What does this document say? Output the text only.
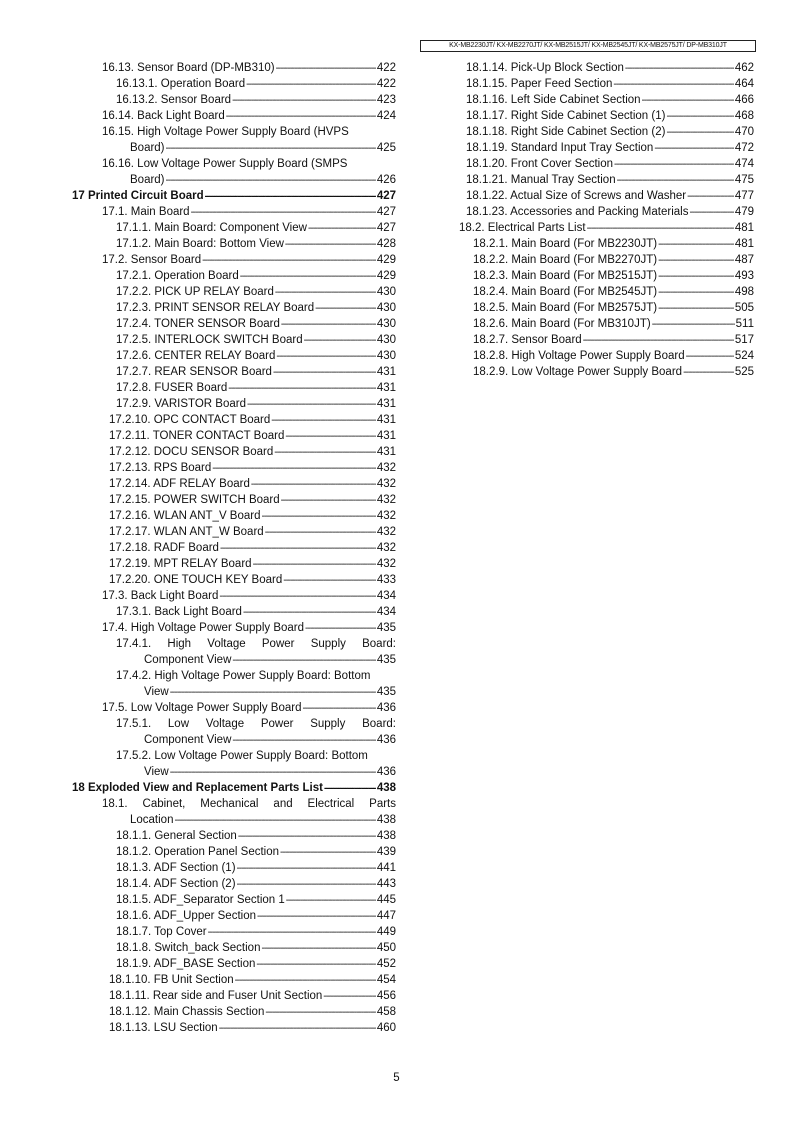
KX-MB2230JT/ KX-MB2270JT/ KX-MB2515JT/ KX-MB2545JT/ KX-MB2575JT/ DP-MB310JT
16.13. Sensor Board (DP-MB310) -----	422
16.13.1. Operation Board -----	422
16.13.2. Sensor Board -----	423
16.14. Back Light Board -----	424
16.15. High Voltage Power Supply Board (HVPS
Board) -----	425
16.16. Low Voltage Power Supply Board (SMPS
Board) -----	426
17 Printed Circuit Board -----	427
17.1. Main Board -----	427
17.1.1. Main Board: Component View -----	427
17.1.2. Main Board: Bottom View -----	428
17.2. Sensor Board -----	429
17.2.1. Operation Board -----	429
17.2.2. PICK UP RELAY Board -----	430
17.2.3. PRINT SENSOR RELAY Board -----	430
17.2.4. TONER SENSOR Board -----	430
17.2.5. INTERLOCK SWITCH Board -----	430
17.2.6. CENTER RELAY Board -----	430
17.2.7. REAR SENSOR Board -----	431
17.2.8. FUSER Board -----	431
17.2.9. VARISTOR Board -----	431
17.2.10. OPC CONTACT Board -----	431
17.2.11. TONER CONTACT Board -----	431
17.2.12. DOCU SENSOR Board -----	431
17.2.13. RPS Board -----	432
17.2.14. ADF RELAY Board -----	432
17.2.15. POWER SWITCH Board -----	432
17.2.16. WLAN ANT_V Board -----	432
17.2.17. WLAN ANT_W Board -----	432
17.2.18. RADF Board -----	432
17.2.19. MPT RELAY Board -----	432
17.2.20. ONE TOUCH KEY Board -----	433
17.3. Back Light Board -----	434
17.3.1. Back Light Board -----	434
17.4. High Voltage Power Supply Board -----	435
17.4.1. High Voltage Power Supply Board:
Component View -----	435
17.4.2. High Voltage Power Supply Board: Bottom
View -----	435
17.5. Low Voltage Power Supply Board -----	436
17.5.1. Low Voltage Power Supply Board:
Component View -----	436
17.5.2. Low Voltage Power Supply Board: Bottom
View -----	436
18 Exploded View and Replacement Parts List -----	438
18.1. Cabinet, Mechanical and Electrical Parts
Location -----	438
18.1.1. General Section -----	438
18.1.2. Operation Panel Section -----	439
18.1.3. ADF Section (1) -----	441
18.1.4. ADF Section (2) -----	443
18.1.5. ADF_Separator Section 1 -----	445
18.1.6. ADF_Upper Section -----	447
18.1.7. Top Cover -----	449
18.1.8. Switch_back Section -----	450
18.1.9. ADF_BASE Section -----	452
18.1.10. FB Unit Section -----	454
18.1.11. Rear side and Fuser Unit Section -----	456
18.1.12. Main Chassis Section -----	458
18.1.13. LSU Section -----	460
18.1.14. Pick-Up Block Section -----	462
18.1.15. Paper Feed Section -----	464
18.1.16. Left Side Cabinet Section -----	466
18.1.17. Right Side Cabinet Section (1) -----	468
18.1.18. Right Side Cabinet Section (2) -----	470
18.1.19. Standard Input Tray Section -----	472
18.1.20. Front Cover Section -----	474
18.1.21. Manual Tray Section -----	475
18.1.22. Actual Size of Screws and Washer -----	477
18.1.23. Accessories and Packing Materials -----	479
18.2. Electrical Parts List -----	481
18.2.1. Main Board (For MB2230JT) -----	481
18.2.2. Main Board (For MB2270JT) -----	487
18.2.3. Main Board (For MB2515JT) -----	493
18.2.4. Main Board (For MB2545JT) -----	498
18.2.5. Main Board (For MB2575JT) -----	505
18.2.6. Main Board (For MB310JT) -----	511
18.2.7. Sensor Board -----	517
18.2.8. High Voltage Power Supply Board -----	524
18.2.9. Low Voltage Power Supply Board -----	525
5
